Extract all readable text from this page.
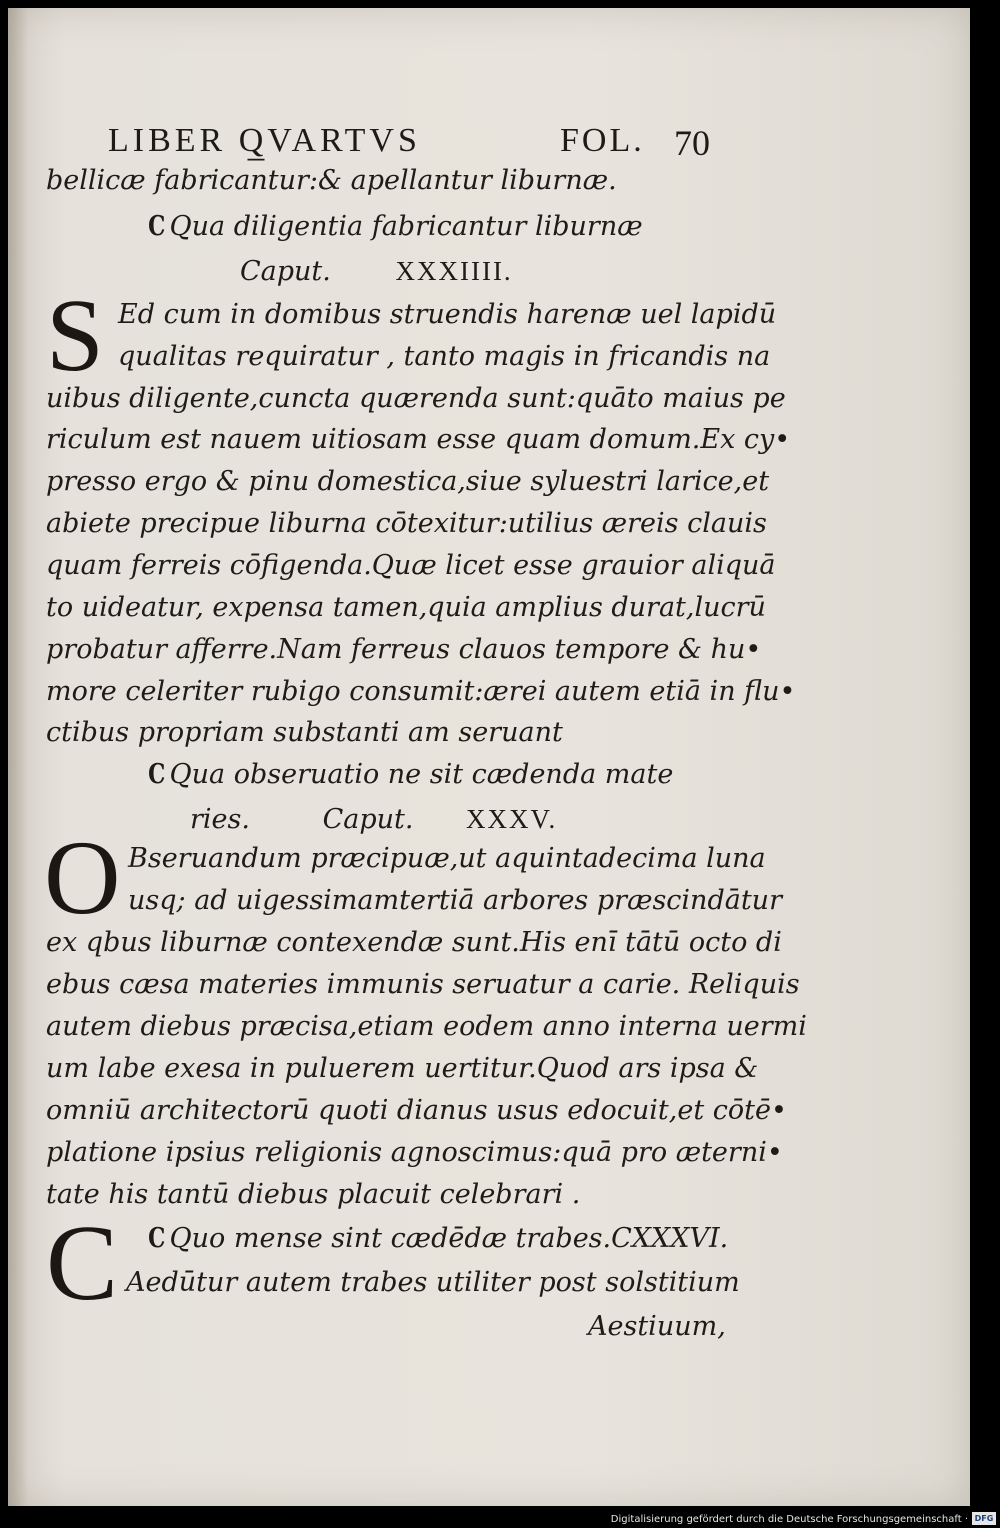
LIBER Q̲VARTVS	FOL. 70
bellicæ fabricantur:& apellantur liburnæ.
C Qua diligentia fabricantur liburnæ
Caput. XXXIIII.
S Ed cum in domibus struendis harenæ uel lapidū
qualitas requiratur , tanto magis in fricandis na
uibus diligente,cuncta quærenda sunt:quāto maius pe
riculum est nauem uitiosam esse quam domum.Ex cy•
presso ergo & pinu domestica,siue syluestri larice,et
abiete precipue liburna cōtexitur:utilius æreis clauis
quam ferreis cōfigenda.Quæ licet esse grauior aliquā
to uideatur, expensa tamen,quia amplius durat,lucrū
probatur afferre.Nam ferreus clauos tempore & hu•
more celeriter rubigo consumit:ærei autem etiā in flu•
ctibus propriam substanti am seruant
C Qua obseruatio ne sit cædenda mate
ries.	Caput. XXXV.
O Bseruandum præcipuæ,ut aquintadecima luna
usq; ad uigessimamtertiā arbores præscindātur
ex qbus liburnæ contexendæ sunt.His enī tātū octo di
ebus cæsa materies immunis seruatur a carie. Reliquis
autem diebus præcisa,etiam eodem anno interna uermi
um labe exesa in puluerem uertitur.Quod ars ipsa &
omniū architectorū quoti dianus usus edocuit,et cōtē•
platione ipsius religionis agnoscimus:quā pro æterni•
tate his tantū diebus placuit celebrari .
C C Quo mense sint cædēdæ trabes.CXXXVI.
Aedūtur autem trabes utiliter post solstitium
Aestiuum,
Digitalisierung gefördert durch die Deutsche Forschungsgemeinschaft · DFG
